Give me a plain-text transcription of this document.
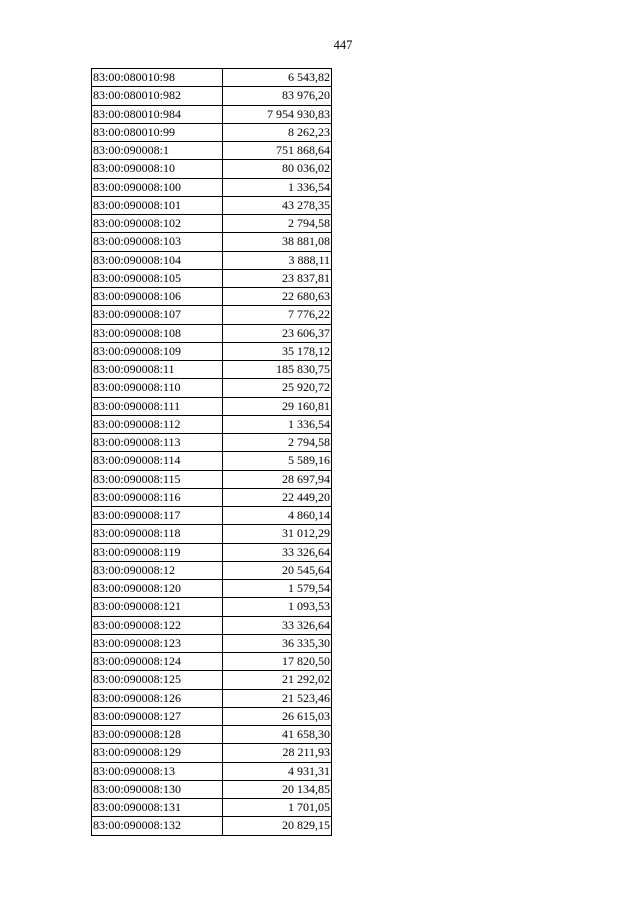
447
83:00:080010:98	6 543,82
83:00:080010:982	83 976,20
83:00:080010:984	7 954 930,83
83:00:080010:99	8 262,23
83:00:090008:1	751 868,64
83:00:090008:10	80 036,02
83:00:090008:100	1 336,54
83:00:090008:101	43 278,35
83:00:090008:102	2 794,58
83:00:090008:103	38 881,08
83:00:090008:104	3 888,11
83:00:090008:105	23 837,81
83:00:090008:106	22 680,63
83:00:090008:107	7 776,22
83:00:090008:108	23 606,37
83:00:090008:109	35 178,12
83:00:090008:11	185 830,75
83:00:090008:110	25 920,72
83:00:090008:111	29 160,81
83:00:090008:112	1 336,54
83:00:090008:113	2 794,58
83:00:090008:114	5 589,16
83:00:090008:115	28 697,94
83:00:090008:116	22 449,20
83:00:090008:117	4 860,14
83:00:090008:118	31 012,29
83:00:090008:119	33 326,64
83:00:090008:12	20 545,64
83:00:090008:120	1 579,54
83:00:090008:121	1 093,53
83:00:090008:122	33 326,64
83:00:090008:123	36 335,30
83:00:090008:124	17 820,50
83:00:090008:125	21 292,02
83:00:090008:126	21 523,46
83:00:090008:127	26 615,03
83:00:090008:128	41 658,30
83:00:090008:129	28 211,93
83:00:090008:13	4 931,31
83:00:090008:130	20 134,85
83:00:090008:131	1 701,05
83:00:090008:132	20 829,15
